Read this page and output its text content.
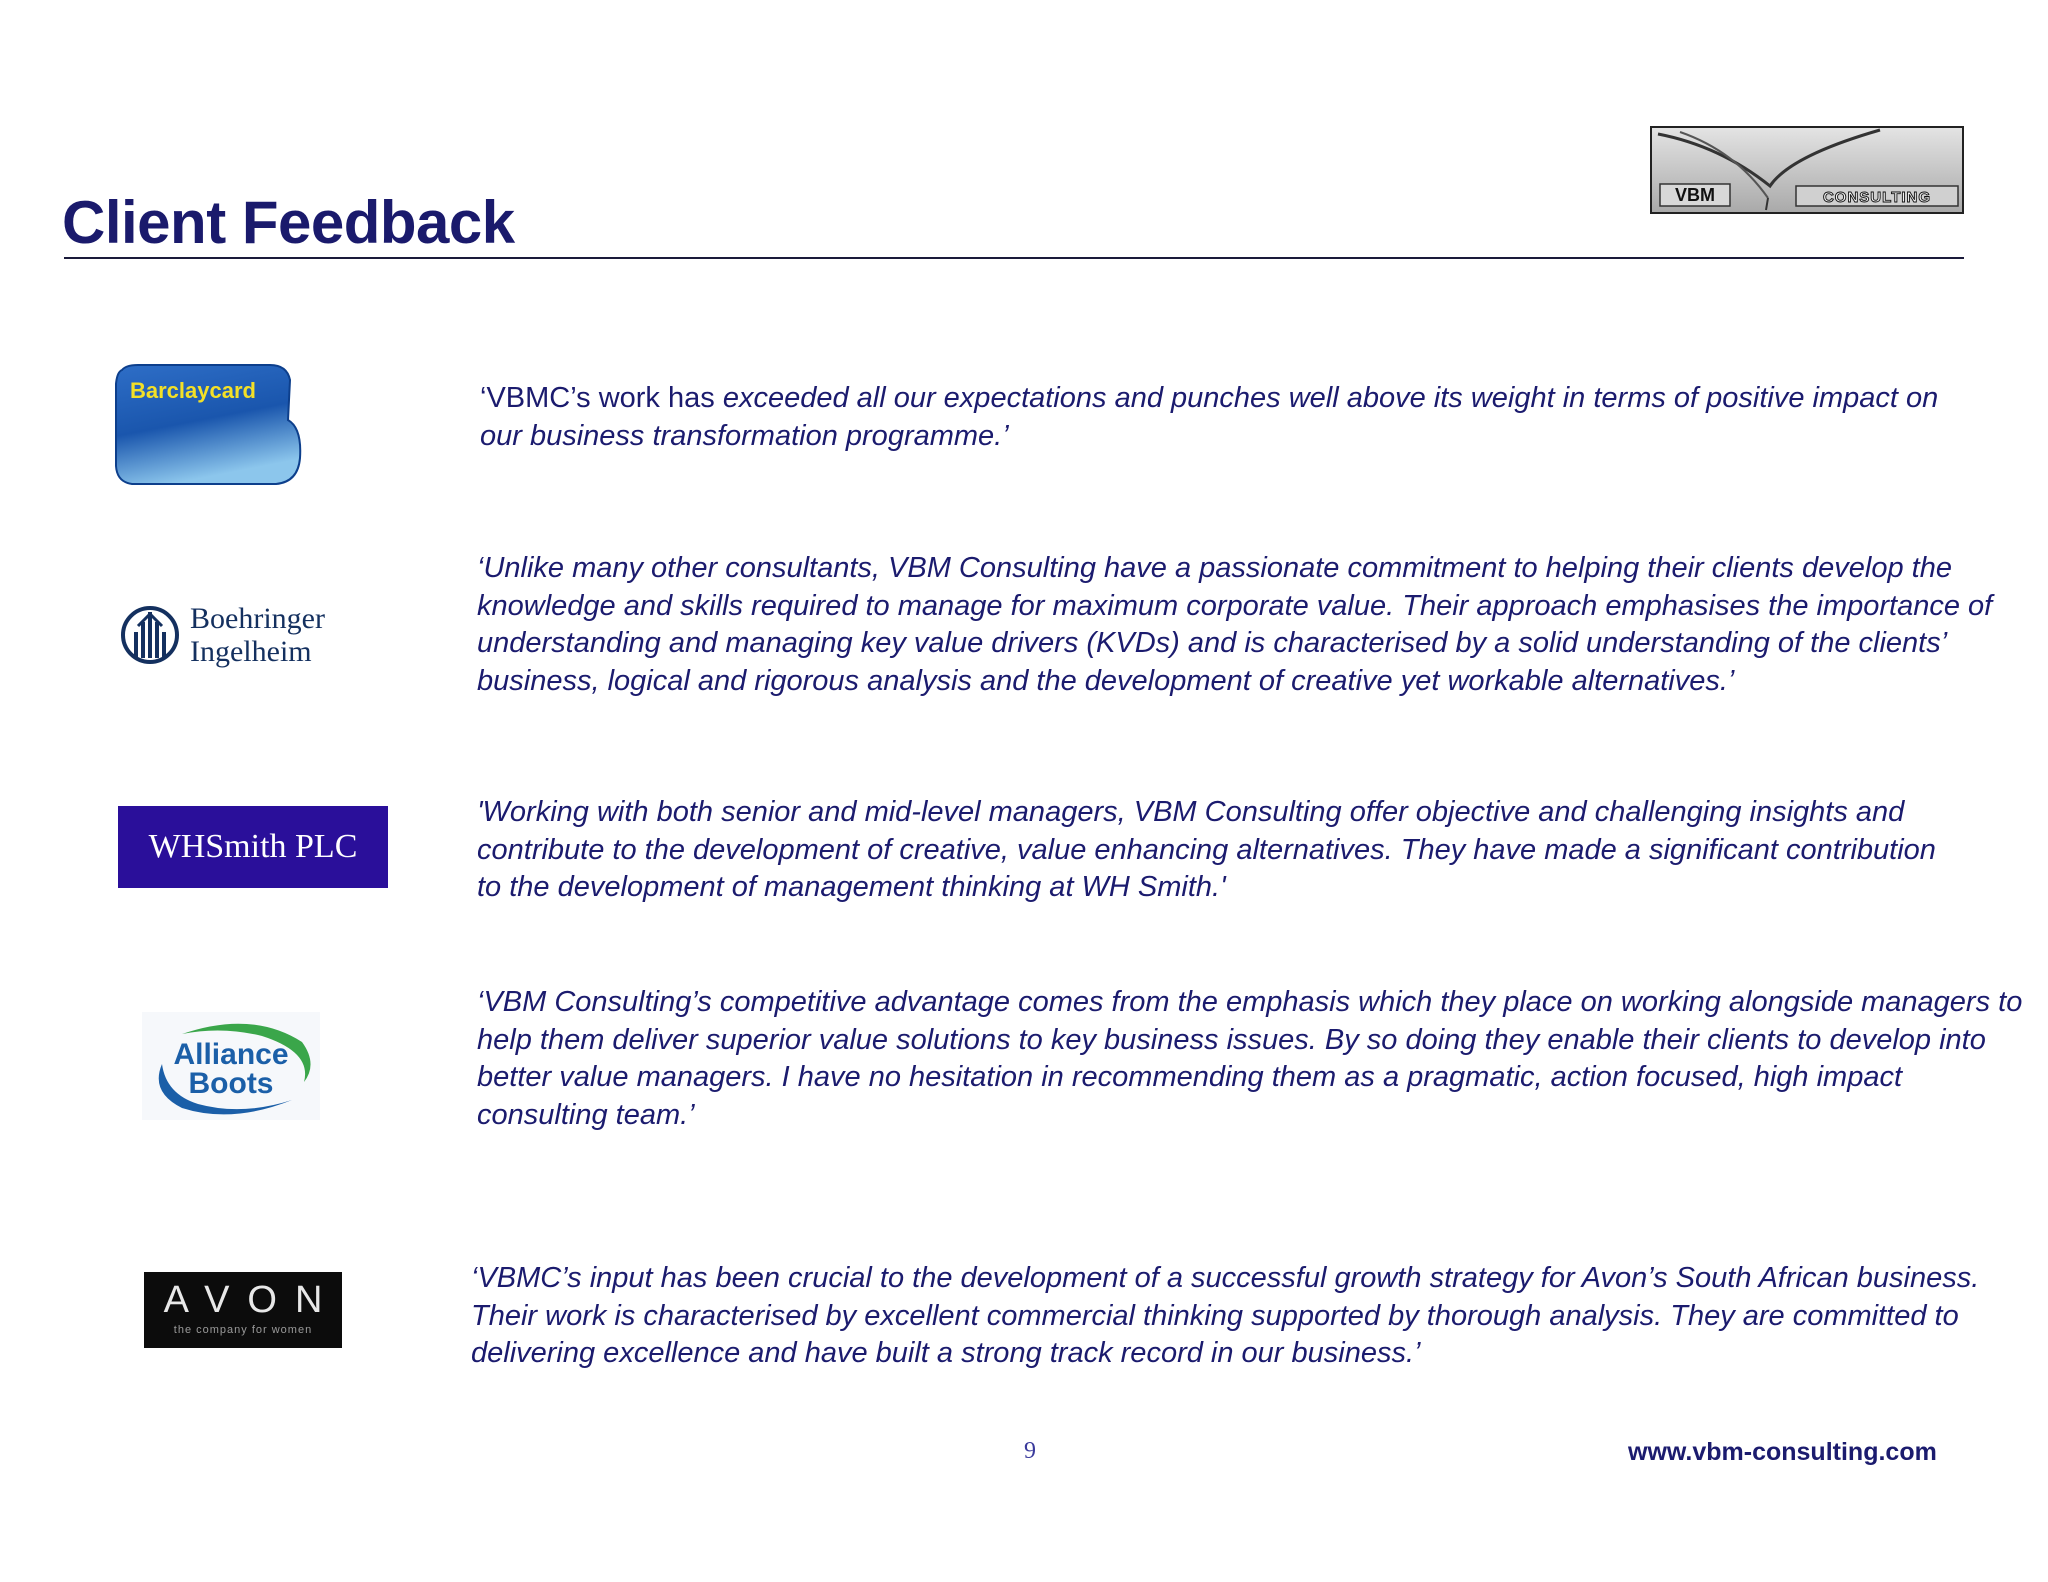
Client Feedback	VBM	CONSULTING
Barclaycard	‘VBMC’s work has exceeded all our expectations and punches well above its weight in terms of positive impact on our business transformation programme.’
Boehringer
Ingelheim
‘Unlike many other consultants, VBM Consulting have a passionate commitment to helping their clients develop the knowledge and skills required to manage for maximum corporate value. Their approach emphasises the importance of understanding and managing key value drivers (KVDs) and is characterised by a solid understanding of the clients’ business, logical and rigorous analysis and the development of creative yet workable alternatives.’
WHSmith PLC
'Working with both senior and mid-level managers, VBM Consulting offer objective and challenging insights and contribute to the development of creative, value enhancing alternatives. They have made a significant contribution to the development of management thinking at WH Smith.'
Alliance
Boots
‘VBM Consulting’s competitive advantage comes from the emphasis which they place on working alongside managers to help them deliver superior value solutions to key business issues. By so doing they enable their clients to develop into better value managers. I have no hesitation in recommending them as a pragmatic, action focused, high impact consulting team.’
AVON
the company for women
‘VBMC’s input has been crucial to the development of a successful growth strategy for Avon’s South African business. Their work is characterised by excellent commercial thinking supported by thorough analysis. They are committed to delivering excellence and have built a strong track record in our business.’
9	www.vbm-consulting.com
